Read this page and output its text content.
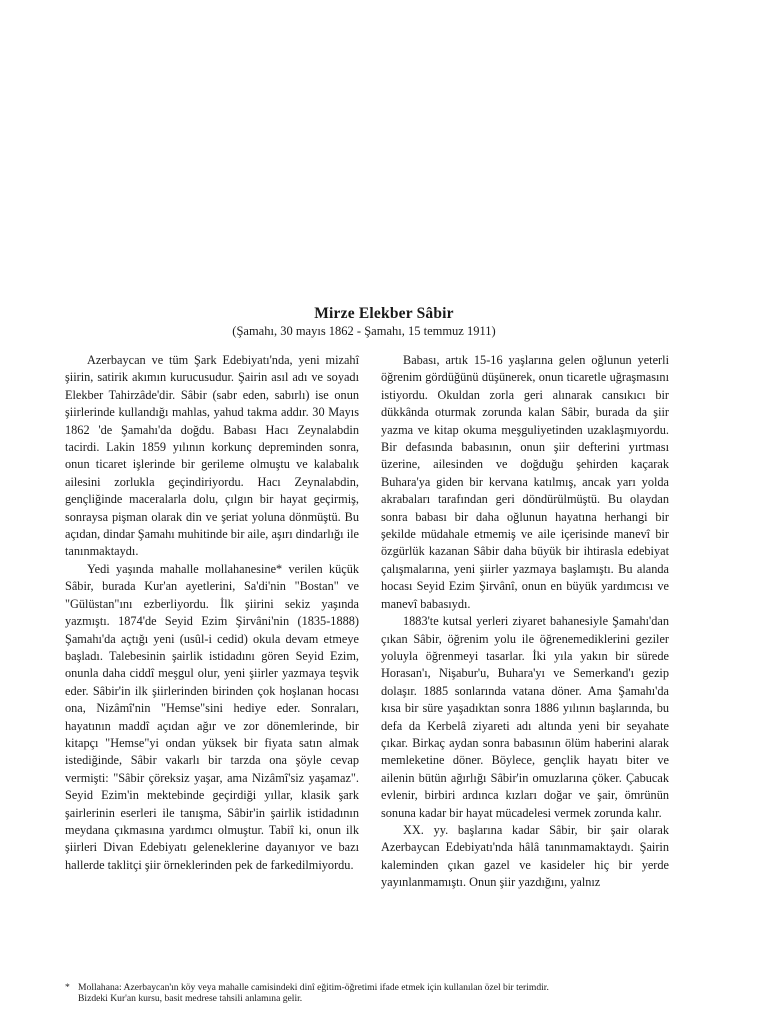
Mirze Elekber Sâbir
(Şamahı, 30 mayıs 1862 - Şamahı, 15 temmuz 1911)

Azerbaycan ve tüm Şark Edebiyatı'nda, yeni mizahî şiirin, satirik akımın kurucusudur. Şairin asıl adı ve soyadı Elekber Tahirzâde'dir. Sâbir (sabr eden, sabırlı) ise onun şiirlerinde kullandığı mahlas, yahud takma addır. 30 Mayıs 1862 'de Şamahı'da doğdu. Babası Hacı Zeynalabdin tacirdi. Lakin 1859 yılının korkunç depreminden sonra, onun ticaret işlerinde bir gerileme olmuştu ve kalabalık ailesini zorlukla geçindiriyordu. Hacı Zeynalabdin, gençliğinde maceralarla dolu, çılgın bir hayat geçirmiş, sonraysa pişman olarak din ve şeriat yoluna dönmüştü. Bu açıdan, dindar Şamahı muhitinde bir aile, aşırı dindarlığı ile tanınmaktaydı.

Yedi yaşında mahalle mollahanesine* verilen küçük Sâbir, burada Kur'an ayetlerini, Sa'di'nin "Bostan" ve "Gülüstan"ını ezberliyordu. İlk şiirini sekiz yaşında yazmıştı. 1874'de Seyid Ezim Şirvâni'nin (1835-1888) Şamahı'da açtığı yeni (usûl-i cedid) okula devam etmeye başladı. Talebesinin şairlik istidadını gören Seyid Ezim, onunla daha ciddî meşgul olur, yeni şiirler yazmaya teşvik eder. Sâbir'in ilk şiirlerinden birinden çok hoşlanan hocası ona, Nizâmî'nin "Hemse"sini hediye eder. Sonraları, hayatının maddî açıdan ağır ve zor dönemlerinde, bir kitapçı "Hemse"yi ondan yüksek bir fiyata satın almak istediğinde, Sâbir vakarlı bir tarzda ona şöyle cevap vermişti: "Sâbir çöreksiz yaşar, ama Nizâmî'siz yaşamaz". Seyid Ezim'in mektebinde geçirdiği yıllar, klasik şark şairlerinin eserleri ile tanışma, Sâbir'in şairlik istidadının meydana çıkmasına yardımcı olmuştur. Tabiî ki, onun ilk şiirleri Divan Edebiyatı geleneklerine dayanıyor ve bazı hallerde taklitçi şiir örneklerinden pek de farkedilmiyordu.

Babası, artık 15-16 yaşlarına gelen oğlunun yeterli öğrenim gördüğünü düşünerek, onun ticaretle uğraşmasını istiyordu. Okuldan zorla geri alınarak cansıkıcı bir dükkânda oturmak zorunda kalan Sâbir, burada da şiir yazma ve kitap okuma meşguliyetinden uzaklaşmıyordu. Bir defasında babasının, onun şiir defterini yırtması üzerine, ailesinden ve doğduğu şehirden kaçarak Buhara'ya giden bir kervana katılmış, ancak yarı yolda akrabaları tarafından geri döndürülmüştü. Bu olaydan sonra babası bir daha oğlunun hayatına herhangi bir şekilde müdahale etmemiş ve aile içerisinde manevî bir özgürlük kazanan Sâbir daha büyük bir ihtirasla edebiyat çalışmalarına, yeni şiirler yazmaya başlamıştı. Bu alanda hocası Seyid Ezim Şirvânî, onun en büyük yardımcısı ve manevî babasıydı.

1883'te kutsal yerleri ziyaret bahanesiyle Şamahı'dan çıkan Sâbir, öğrenim yolu ile öğrenemediklerini geziler yoluyla öğrenmeyi tasarlar. İki yıla yakın bir sürede Horasan'ı, Nişabur'u, Buhara'yı ve Semerkand'ı gezip dolaşır. 1885 sonlarında vatana döner. Ama Şamahı'da kısa bir süre yaşadıktan sonra 1886 yılının başlarında, bu defa da Kerbelâ ziyareti adı altında yeni bir seyahate çıkar. Birkaç aydan sonra babasının ölüm haberini alarak memleketine döner. Böylece, gençlik hayatı biter ve ailenin bütün ağırlığı Sâbir'in omuzlarına çöker. Çabucak evlenir, birbiri ardınca kızları doğar ve şair, ömrünün sonuna kadar bir hayat mücadelesi vermek zorunda kalır.

XX. yy. başlarına kadar Sâbir, bir şair olarak Azerbaycan Edebiyatı'nda hâlâ tanınmamaktaydı. Şairin kaleminden çıkan gazel ve kasideler hiç bir yerde yayınlanmamıştı. Onun şiir yazdığını, yalnız

* Mollahana: Azerbaycan'ın köy veya mahalle camisindeki dinî eğitim-öğretimi ifade etmek için kullanılan özel bir terimdir.
Bizdeki Kur'an kursu, basit medrese tahsili anlamına gelir.
